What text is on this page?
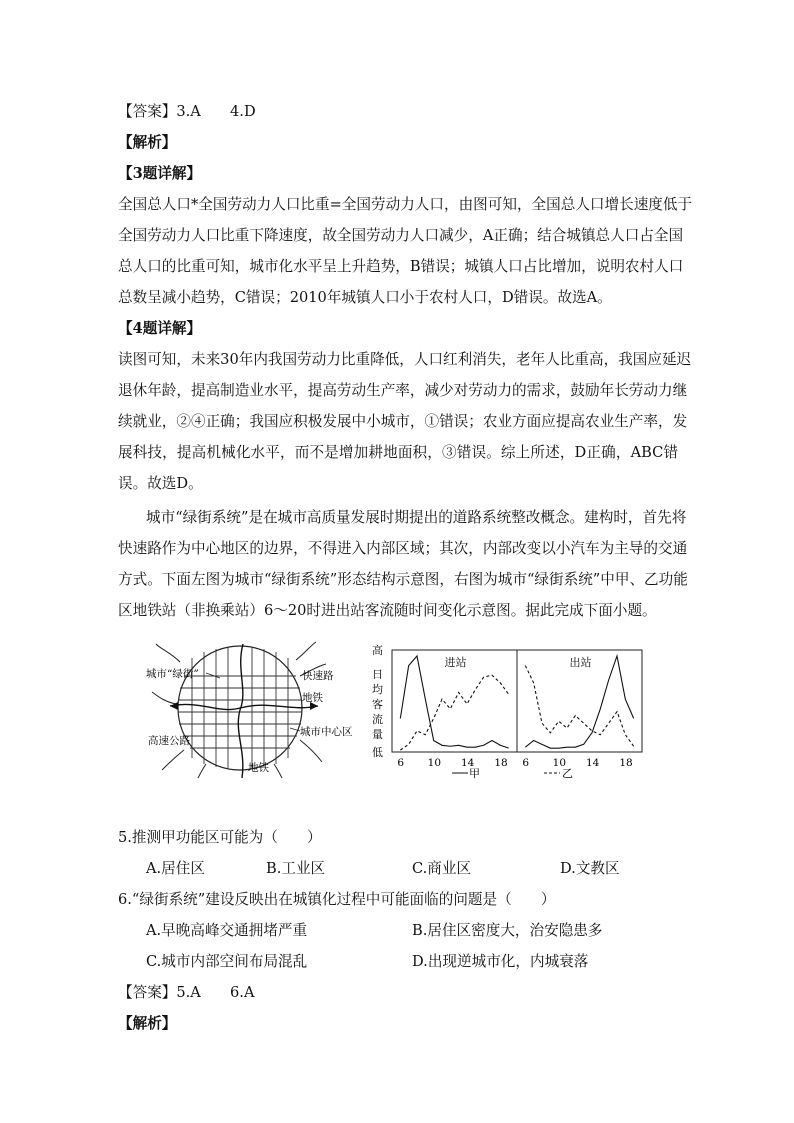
【答案】3.A　　4.D
【解析】
【3题详解】
全国总人口*全国劳动力人口比重=全国劳动力人口，由图可知，全国总人口增长速度低于
全国劳动力人口比重下降速度，故全国劳动力人口减少，A正确；结合城镇总人口占全国
总人口的比重可知，城市化水平呈上升趋势，B错误；城镇人口占比增加，说明农村人口
总数呈减小趋势，C错误；2010年城镇人口小于农村人口，D错误。故选A。
【4题详解】
读图可知，未来30年内我国劳动力比重降低，人口红利消失，老年人比重高，我国应延迟
退休年龄，提高制造业水平，提高劳动生产率，减少对劳动力的需求，鼓励年长劳动力继
续就业，②④正确；我国应积极发展中小城市，①错误；农业方面应提高农业生产率，发
展科技，提高机械化水平，而不是增加耕地面积，③错误。综上所述，D正确，ABC错
误。故选D。
城市“绿街系统”是在城市高质量发展时期提出的道路系统整改概念。建构时，首先将
快速路作为中心地区的边界，不得进入内部区域；其次，内部改变以小汽车为主导的交通
方式。下面左图为城市“绿街系统”形态结构示意图，右图为城市“绿街系统”中甲、乙功能
区地铁站（非换乘站）6～20时进出站客流随时间变化示意图。据此完成下面小题。
城市“绿街”	快速路
地铁
城市中心区
高速公路
地铁
高
日均客流量
低
进站
6 10 14 18
出站
6 10 14 18
甲	乙
5.推测甲功能区可能为（　　）
A.居住区	B.工业区	C.商业区	D.文教区
6.“绿街系统”建设反映出在城镇化过程中可能面临的问题是（　　）
A.早晚高峰交通拥堵严重	B.居住区密度大，治安隐患多
C.城市内部空间布局混乱	D.出现逆城市化，内城衰落
【答案】5.A　　6.A
【解析】
